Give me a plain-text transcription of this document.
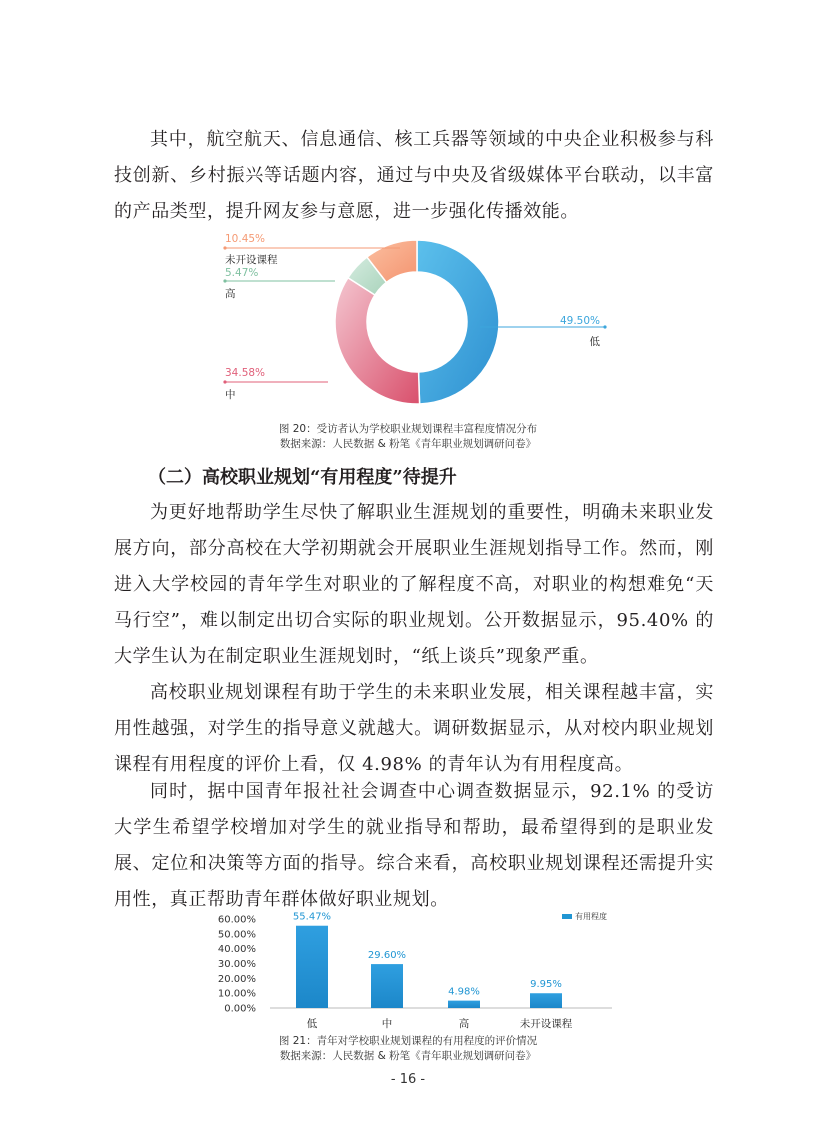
其中，航空航天、信息通信、核工兵器等领域的中央企业积极参与科技创新、乡村振兴等话题内容，通过与中央及省级媒体平台联动，以丰富的产品类型，提升网友参与意愿，进一步强化传播效能。

49.50%
低
34.58%
中
5.47%
高
10.45%
未开设课程
图 20：受访者认为学校职业规划课程丰富程度情况分布
数据来源：人民数据 & 粉笔《青年职业规划调研问卷》
（二）高校职业规划“有用程度”待提升

为更好地帮助学生尽快了解职业生涯规划的重要性，明确未来职业发展方向，部分高校在大学初期就会开展职业生涯规划指导工作。然而，刚进入大学校园的青年学生对职业的了解程度不高，对职业的构想难免“天马行空”，难以制定出切合实际的职业规划。公开数据显示，95.40% 的大学生认为在制定职业生涯规划时，“纸上谈兵”现象严重。

高校职业规划课程有助于学生的未来职业发展，相关课程越丰富，实用性越强，对学生的指导意义就越大。调研数据显示，从对校内职业规划课程有用程度的评价上看，仅 4.98% 的青年认为有用程度高。

同时，据中国青年报社社会调查中心调查数据显示，92.1% 的受访大学生希望学校增加对学生的就业指导和帮助，最希望得到的是职业发展、定位和决策等方面的指导。综合来看，高校职业规划课程还需提升实用性，真正帮助青年群体做好职业规划。

0.00%
10.00%
20.00%
30.00%
40.00%
50.00%
60.00%	55.47%
低
29.60%
中
4.98%
高
9.95%
未开设课程
有用程度
图 21：青年对学校职业规划课程的有用程度的评价情况
数据来源：人民数据 & 粉笔《青年职业规划调研问卷》
- 16 -
